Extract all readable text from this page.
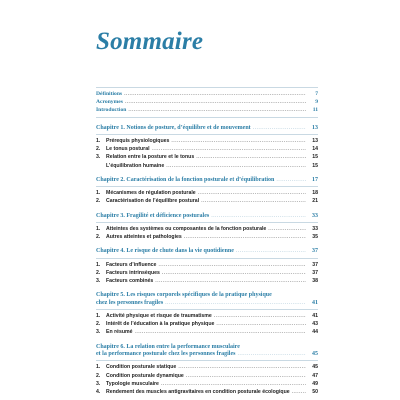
Sommaire
Définitions .....	7
Acronymes .....	9
Introduction .....	11
Chapitre 1. Notions de posture, d’équilibre et de mouvement .....	13
1.	Prérequis physiologiques .....	13
2.	Le tonus postural .....	14
3.	Relation entre la posture et le tonus .....	15
L’équilibration humaine .....	15
Chapitre 2. Caractérisation de la fonction posturale et d’équilibration .....	17
1.	Mécanismes de régulation posturale .....	18
2.	Caractérisation de l’équilibre postural .....	21
Chapitre 3. Fragilité et déficience posturales .....	33
1.	Atteintes des systèmes ou composantes de la fonction posturale .....	33
2.	Autres atteintes et pathologies .....	35
Chapitre 4. Le risque de chute dans la vie quotidienne .....	37
1.	Facteurs d’influence .....	37
2.	Facteurs intrinsèques .....	37
3.	Facteurs combinés .....	38
Chapitre 5. Les risques corporels spécifiques de la pratique physique
chez les personnes fragiles .....	41
1.	Activité physique et risque de traumatisme .....	41
2.	Intérêt de l’éducation à la pratique physique .....	43
3.	En résumé .....	44
Chapitre 6. La relation entre la performance musculaire
et la performance posturale chez les personnes fragiles .....	45
1.	Condition posturale statique .....	45
2.	Condition posturale dynamique .....	47
3.	Typologie musculaire .....	49
4.	Rendement des muscles antigravitaires en condition posturale écologique .....	50
